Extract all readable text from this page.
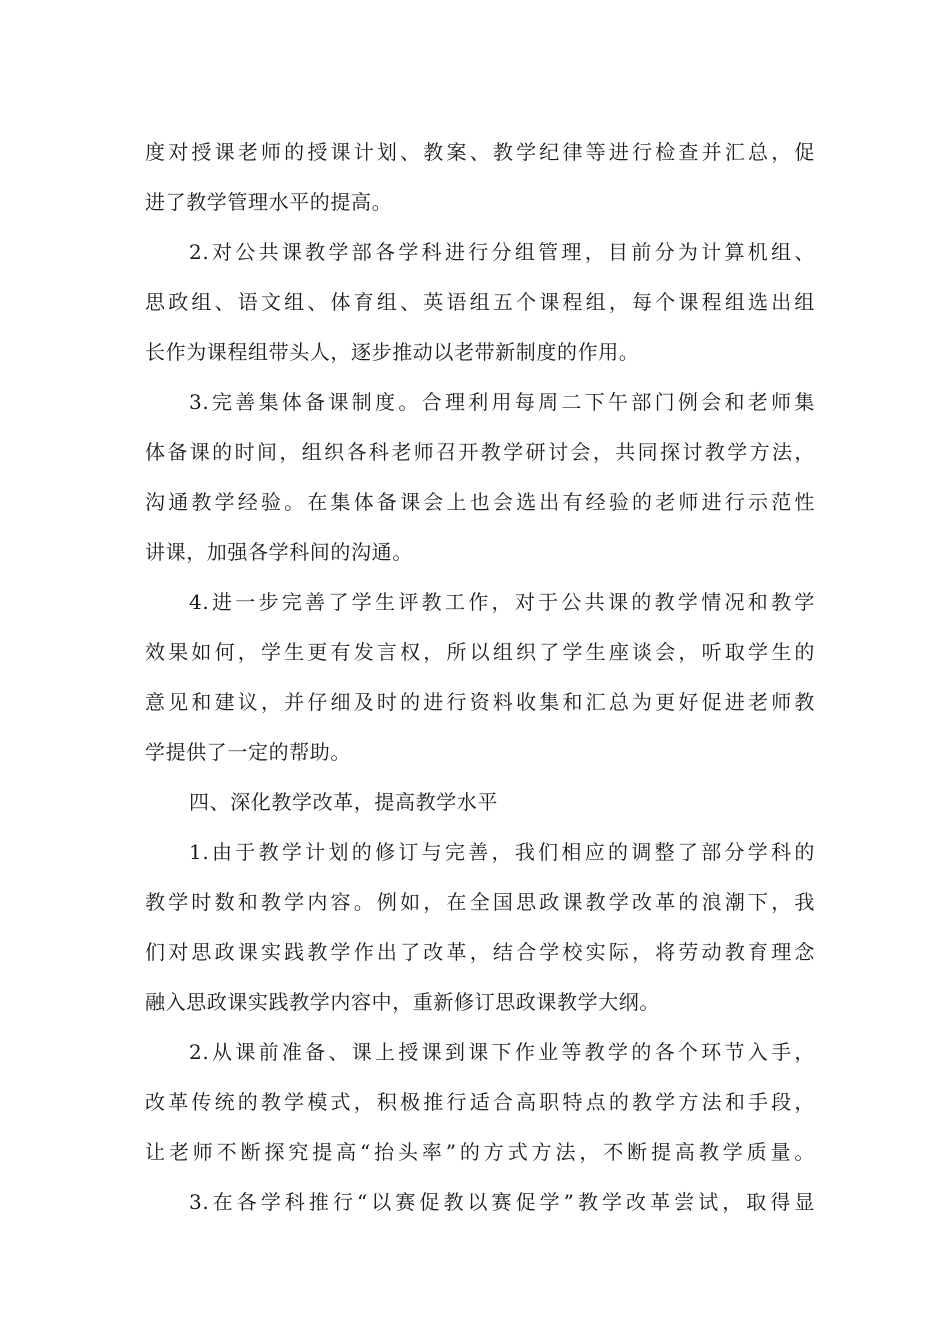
度对授课老师的授课计划、教案、教学纪律等进行检查并汇总，促
进了教学管理水平的提高。
2.对公共课教学部各学科进行分组管理，目前分为计算机组、
思政组、语文组、体育组、英语组五个课程组，每个课程组选出组
长作为课程组带头人，逐步推动以老带新制度的作用。
3.完善集体备课制度。合理利用每周二下午部门例会和老师集
体备课的时间，组织各科老师召开教学研讨会，共同探讨教学方法，
沟通教学经验。在集体备课会上也会选出有经验的老师进行示范性
讲课，加强各学科间的沟通。
4.进一步完善了学生评教工作，对于公共课的教学情况和教学
效果如何，学生更有发言权，所以组织了学生座谈会，听取学生的
意见和建议，并仔细及时的进行资料收集和汇总为更好促进老师教
学提供了一定的帮助。
四、深化教学改革，提高教学水平
1.由于教学计划的修订与完善，我们相应的调整了部分学科的
教学时数和教学内容。例如，在全国思政课教学改革的浪潮下，我
们对思政课实践教学作出了改革，结合学校实际，将劳动教育理念
融入思政课实践教学内容中，重新修订思政课教学大纲。
2.从课前准备、课上授课到课下作业等教学的各个环节入手，
改革传统的教学模式，积极推行适合高职特点的教学方法和手段，
让老师不断探究提高“抬头率”的方式方法，不断提高教学质量。
3.在各学科推行“以赛促教以赛促学”教学改革尝试，取得显
